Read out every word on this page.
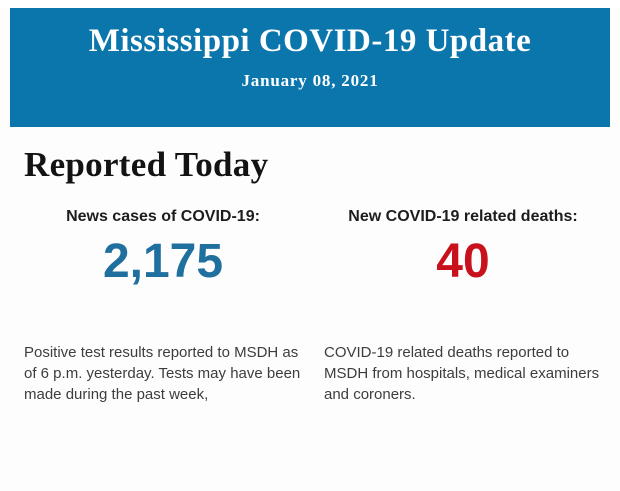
Mississippi COVID-19 Update
January 08, 2021
Reported Today
News cases of COVID-19:
2,175
Positive test results reported to MSDH as of 6 p.m. yesterday. Tests may have been made during the past week,
New COVID-19 related deaths:
40
COVID-19 related deaths reported to MSDH from hospitals, medical examiners and coroners.
